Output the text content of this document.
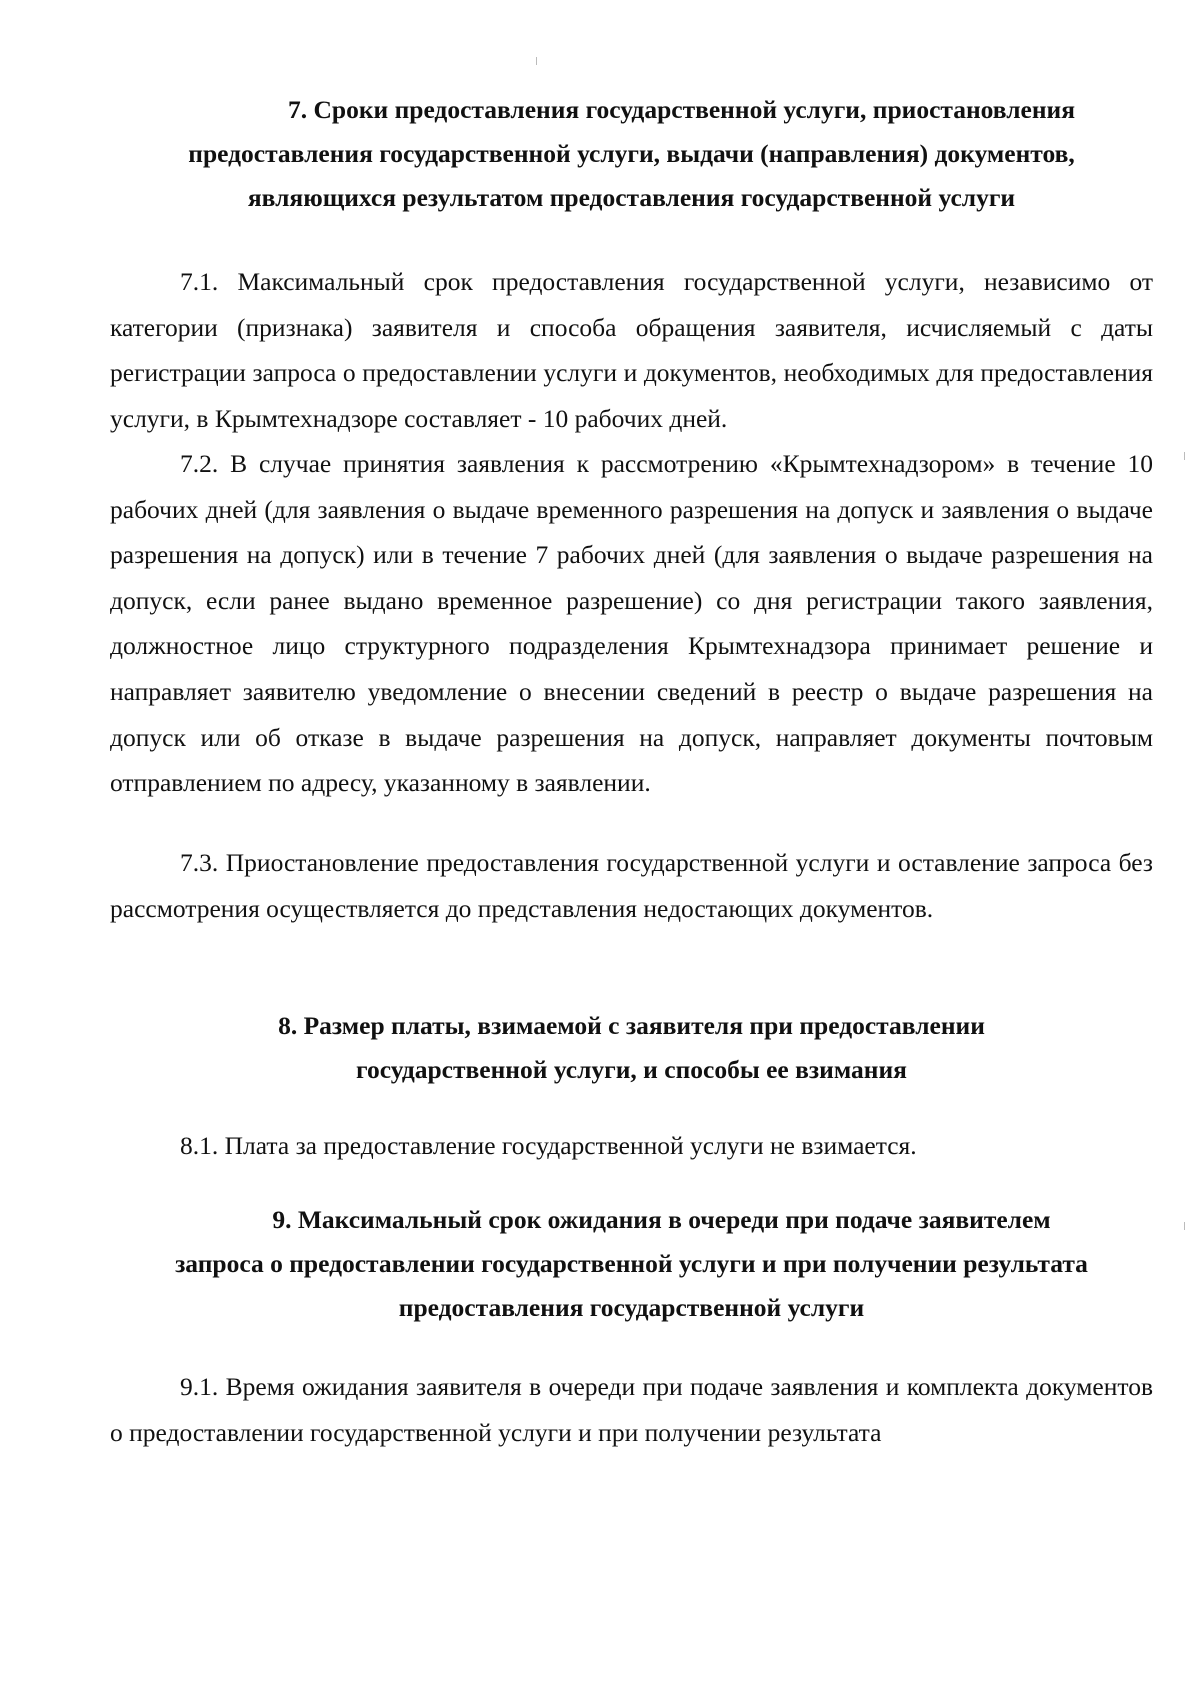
7. Сроки предоставления государственной услуги, приостановления
предоставления государственной услуги, выдачи (направления) документов,
являющихся результатом предоставления государственной услуги

7.1. Максимальный срок предоставления государственной услуги, независимо от категории (признака) заявителя и способа обращения заявителя, исчисляемый с даты регистрации запроса о предоставлении услуги и документов, необходимых для предоставления услуги, в Крымтехнадзоре составляет - 10 рабочих дней.

7.2. В случае принятия заявления к рассмотрению «Крымтехнадзором» в течение 10 рабочих дней (для заявления о выдаче временного разрешения на допуск и заявления о выдаче разрешения на допуск) или в течение 7 рабочих дней (для заявления о выдаче разрешения на допуск, если ранее выдано временное разрешение) со дня регистрации такого заявления, должностное лицо структурного подразделения Крымтехнадзора принимает решение и направляет заявителю уведомление о внесении сведений в реестр о выдаче разрешения на допуск или об отказе в выдаче разрешения на допуск, направляет документы почтовым отправлением по адресу, указанному в заявлении.

7.3. Приостановление предоставления государственной услуги и оставление запроса без рассмотрения осуществляется до представления недостающих документов.

8. Размер платы, взимаемой с заявителя при предоставлении
государственной услуги, и способы ее взимания

8.1. Плата за предоставление государственной услуги не взимается.

9. Максимальный срок ожидания в очереди при подаче заявителем
запроса о предоставлении государственной услуги и при получении результата
предоставления государственной услуги

9.1. Время ожидания заявителя в очереди при подаче заявления и комплекта документов о предоставлении государственной услуги и при получении результата
